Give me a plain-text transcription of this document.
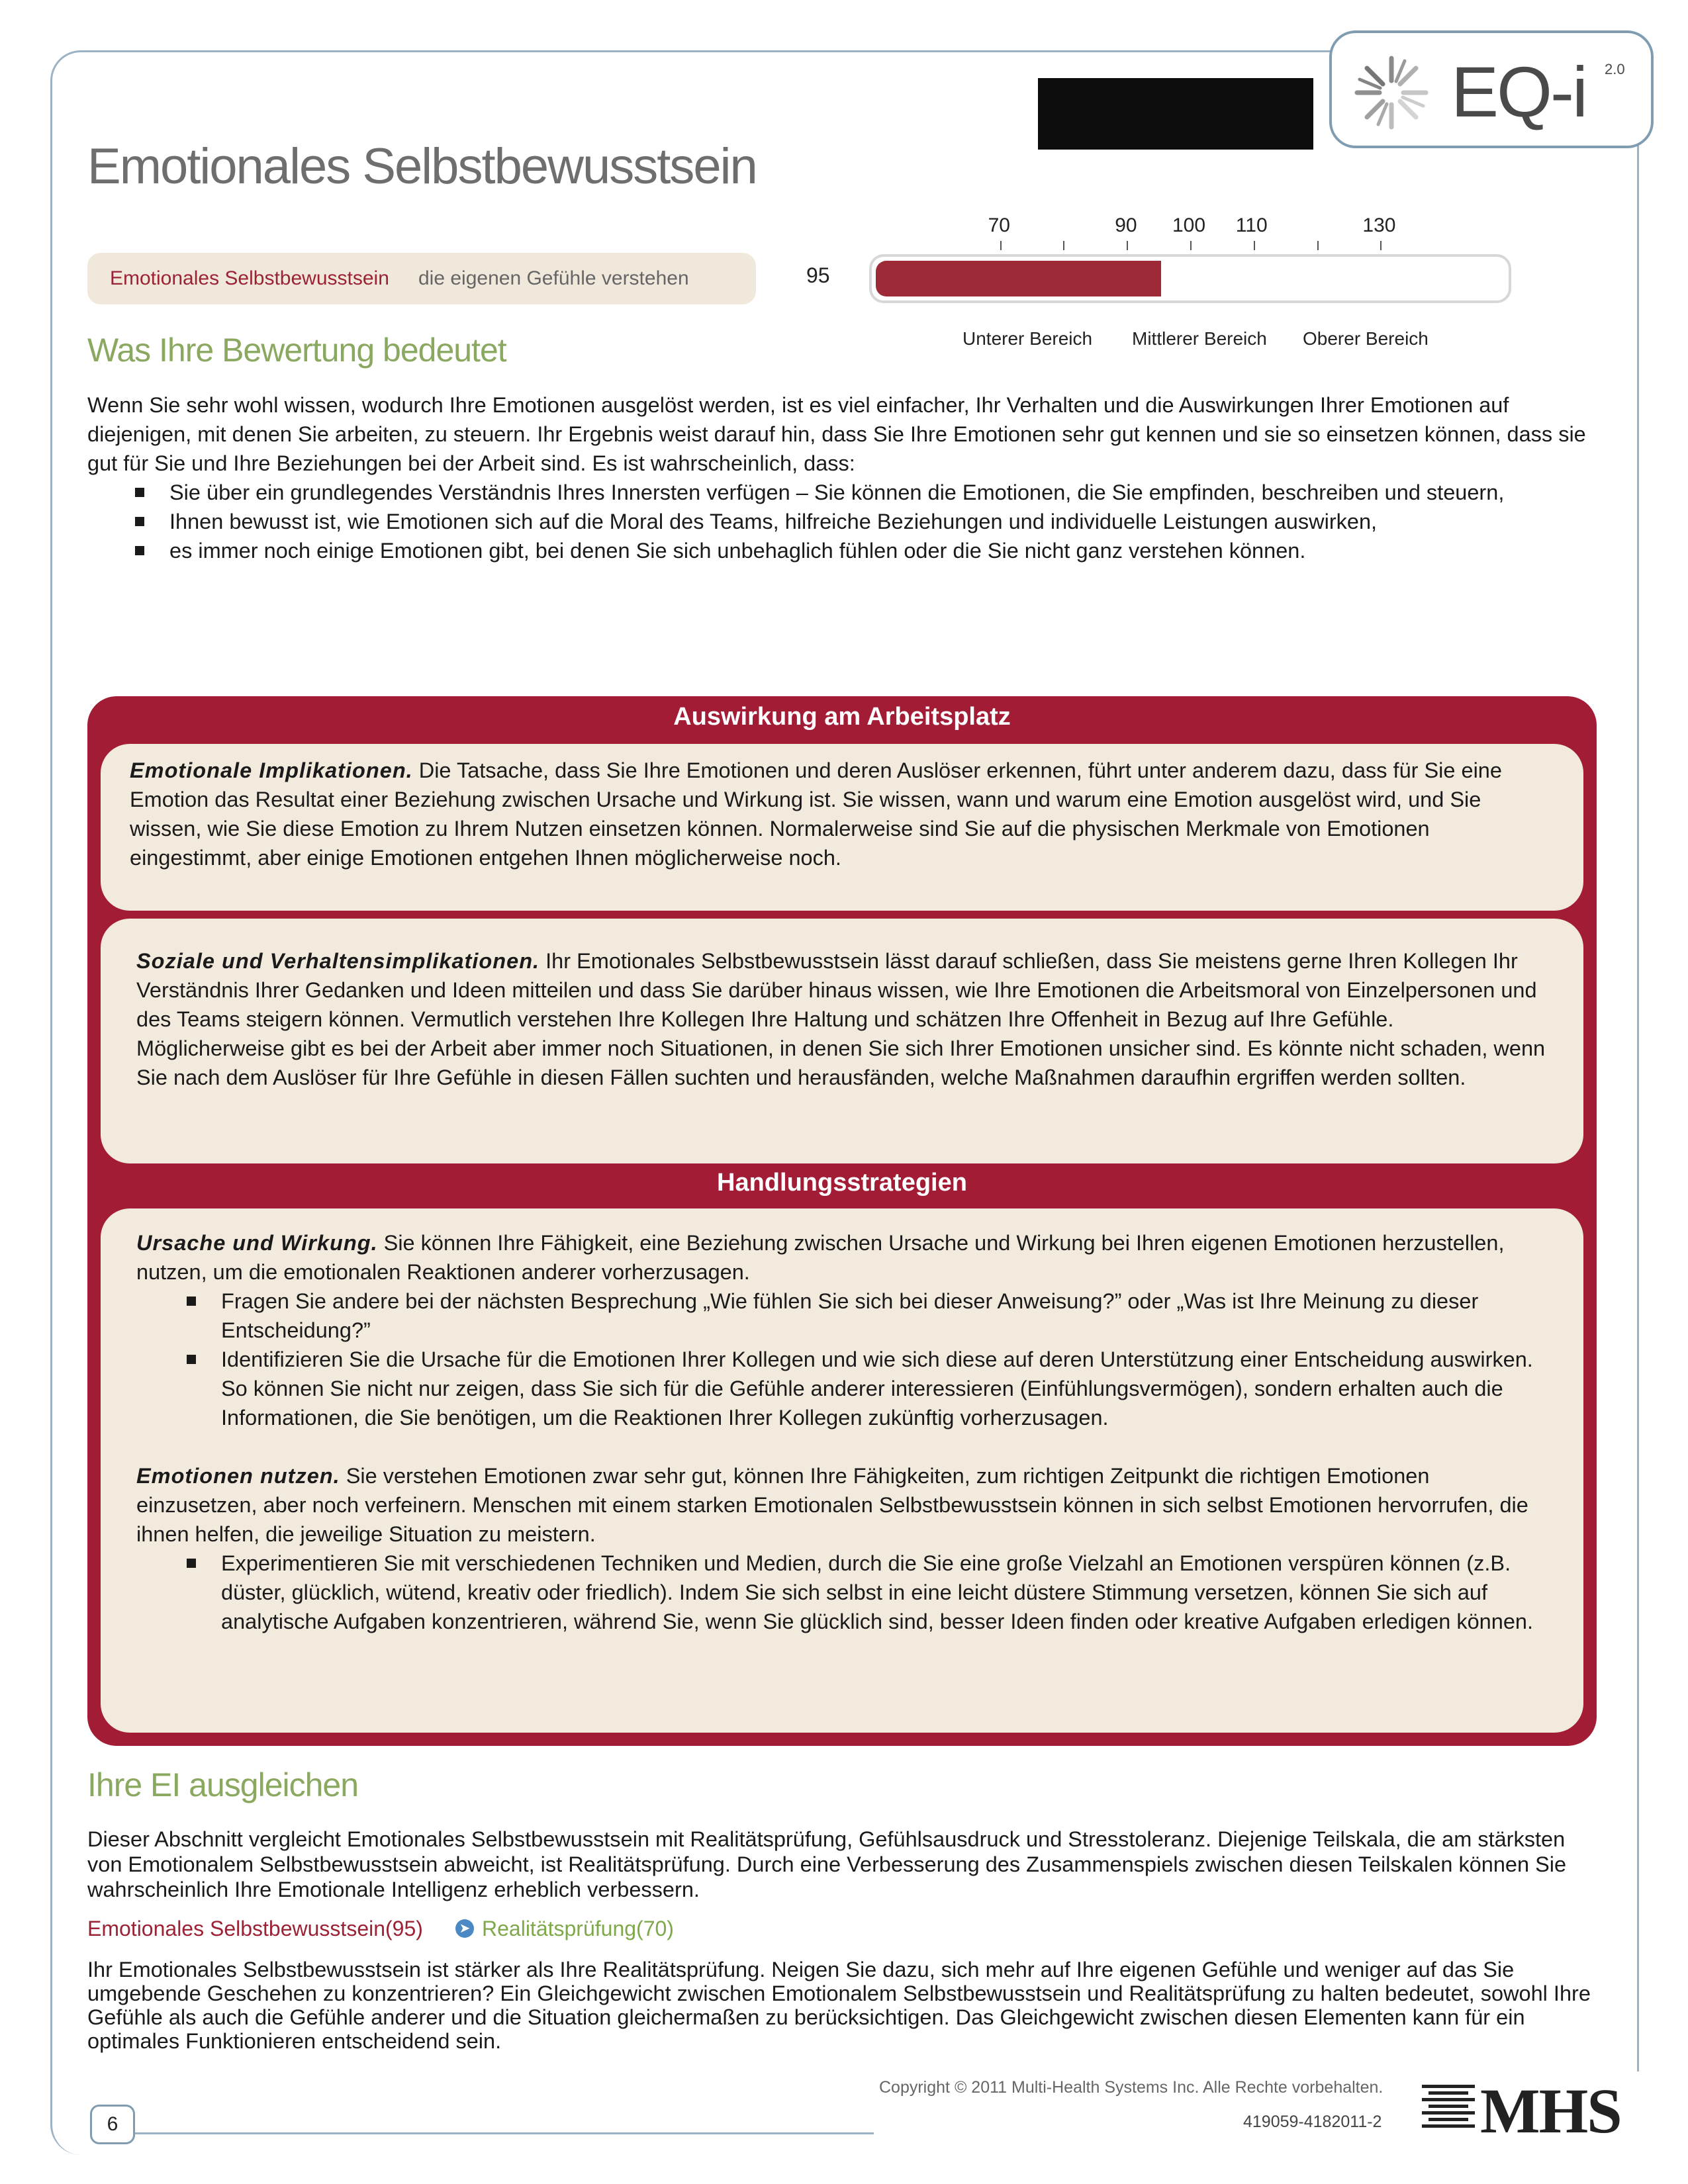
EQ-i 2.0
Emotionales Selbstbewusstsein
70	90 100 110	130
Emotionales Selbstbewusstsein die eigenen Gefühle verstehen	95
Unterer Bereich Mittlerer Bereich Oberer Bereich
Was Ihre Bewertung bedeutet
Wenn Sie sehr wohl wissen, wodurch Ihre Emotionen ausgelöst werden, ist es viel einfacher, Ihr Verhalten und die Auswirkungen Ihrer Emotionen auf diejenigen, mit denen Sie arbeiten, zu steuern. Ihr Ergebnis weist darauf hin, dass Sie Ihre Emotionen sehr gut kennen und sie so einsetzen können, dass sie gut für Sie und Ihre Beziehungen bei der Arbeit sind. Es ist wahrscheinlich, dass:
Sie über ein grundlegendes Verständnis Ihres Innersten verfügen – Sie können die Emotionen, die Sie empfinden, beschreiben und steuern,
Ihnen bewusst ist, wie Emotionen sich auf die Moral des Teams, hilfreiche Beziehungen und individuelle Leistungen auswirken,
es immer noch einige Emotionen gibt, bei denen Sie sich unbehaglich fühlen oder die Sie nicht ganz verstehen können.
Auswirkung am Arbeitsplatz
Emotionale Implikationen. Die Tatsache, dass Sie Ihre Emotionen und deren Auslöser erkennen, führt unter anderem dazu, dass für Sie eine Emotion das Resultat einer Beziehung zwischen Ursache und Wirkung ist. Sie wissen, wann und warum eine Emotion ausgelöst wird, und Sie wissen, wie Sie diese Emotion zu Ihrem Nutzen einsetzen können. Normalerweise sind Sie auf die physischen Merkmale von Emotionen eingestimmt, aber einige Emotionen entgehen Ihnen möglicherweise noch.
Soziale und Verhaltensimplikationen. Ihr Emotionales Selbstbewusstsein lässt darauf schließen, dass Sie meistens gerne Ihren Kollegen Ihr Verständnis Ihrer Gedanken und Ideen mitteilen und dass Sie darüber hinaus wissen, wie Ihre Emotionen die Arbeitsmoral von Einzelpersonen und des Teams steigern können. Vermutlich verstehen Ihre Kollegen Ihre Haltung und schätzen Ihre Offenheit in Bezug auf Ihre Gefühle. Möglicherweise gibt es bei der Arbeit aber immer noch Situationen, in denen Sie sich Ihrer Emotionen unsicher sind. Es könnte nicht schaden, wenn Sie nach dem Auslöser für Ihre Gefühle in diesen Fällen suchten und herausfänden, welche Maßnahmen daraufhin ergriffen werden sollten.
Handlungsstrategien
Ursache und Wirkung. Sie können Ihre Fähigkeit, eine Beziehung zwischen Ursache und Wirkung bei Ihren eigenen Emotionen herzustellen, nutzen, um die emotionalen Reaktionen anderer vorherzusagen.
Fragen Sie andere bei der nächsten Besprechung „Wie fühlen Sie sich bei dieser Anweisung?” oder „Was ist Ihre Meinung zu dieser Entscheidung?”
Identifizieren Sie die Ursache für die Emotionen Ihrer Kollegen und wie sich diese auf deren Unterstützung einer Entscheidung auswirken. So können Sie nicht nur zeigen, dass Sie sich für die Gefühle anderer interessieren (Einfühlungsvermögen), sondern erhalten auch die Informationen, die Sie benötigen, um die Reaktionen Ihrer Kollegen zukünftig vorherzusagen.
Emotionen nutzen. Sie verstehen Emotionen zwar sehr gut, können Ihre Fähigkeiten, zum richtigen Zeitpunkt die richtigen Emotionen einzusetzen, aber noch verfeinern. Menschen mit einem starken Emotionalen Selbstbewusstsein können in sich selbst Emotionen hervorrufen, die ihnen helfen, die jeweilige Situation zu meistern.
Experimentieren Sie mit verschiedenen Techniken und Medien, durch die Sie eine große Vielzahl an Emotionen verspüren können (z.B. düster, glücklich, wütend, kreativ oder friedlich). Indem Sie sich selbst in eine leicht düstere Stimmung versetzen, können Sie sich auf analytische Aufgaben konzentrieren, während Sie, wenn Sie glücklich sind, besser Ideen finden oder kreative Aufgaben erledigen können.
Ihre EI ausgleichen
Dieser Abschnitt vergleicht Emotionales Selbstbewusstsein mit Realitätsprüfung, Gefühlsausdruck und Stresstoleranz. Diejenige Teilskala, die am stärksten von Emotionalem Selbstbewusstsein abweicht, ist Realitätsprüfung. Durch eine Verbesserung des Zusammenspiels zwischen diesen Teilskalen können Sie wahrscheinlich Ihre Emotionale Intelligenz erheblich verbessern.
Emotionales Selbstbewusstsein(95)	➤ Realitätsprüfung(70)
Ihr Emotionales Selbstbewusstsein ist stärker als Ihre Realitätsprüfung. Neigen Sie dazu, sich mehr auf Ihre eigenen Gefühle und weniger auf das Sie umgebende Geschehen zu konzentrieren? Ein Gleichgewicht zwischen Emotionalem Selbstbewusstsein und Realitätsprüfung zu halten bedeutet, sowohl Ihre Gefühle als auch die Gefühle anderer und die Situation gleichermaßen zu berücksichtigen. Das Gleichgewicht zwischen diesen Elementen kann für ein optimales Funktionieren entscheidend sein.
Copyright © 2011 Multi-Health Systems Inc. Alle Rechte vorbehalten.
419059-4182011-2
6	MHS
